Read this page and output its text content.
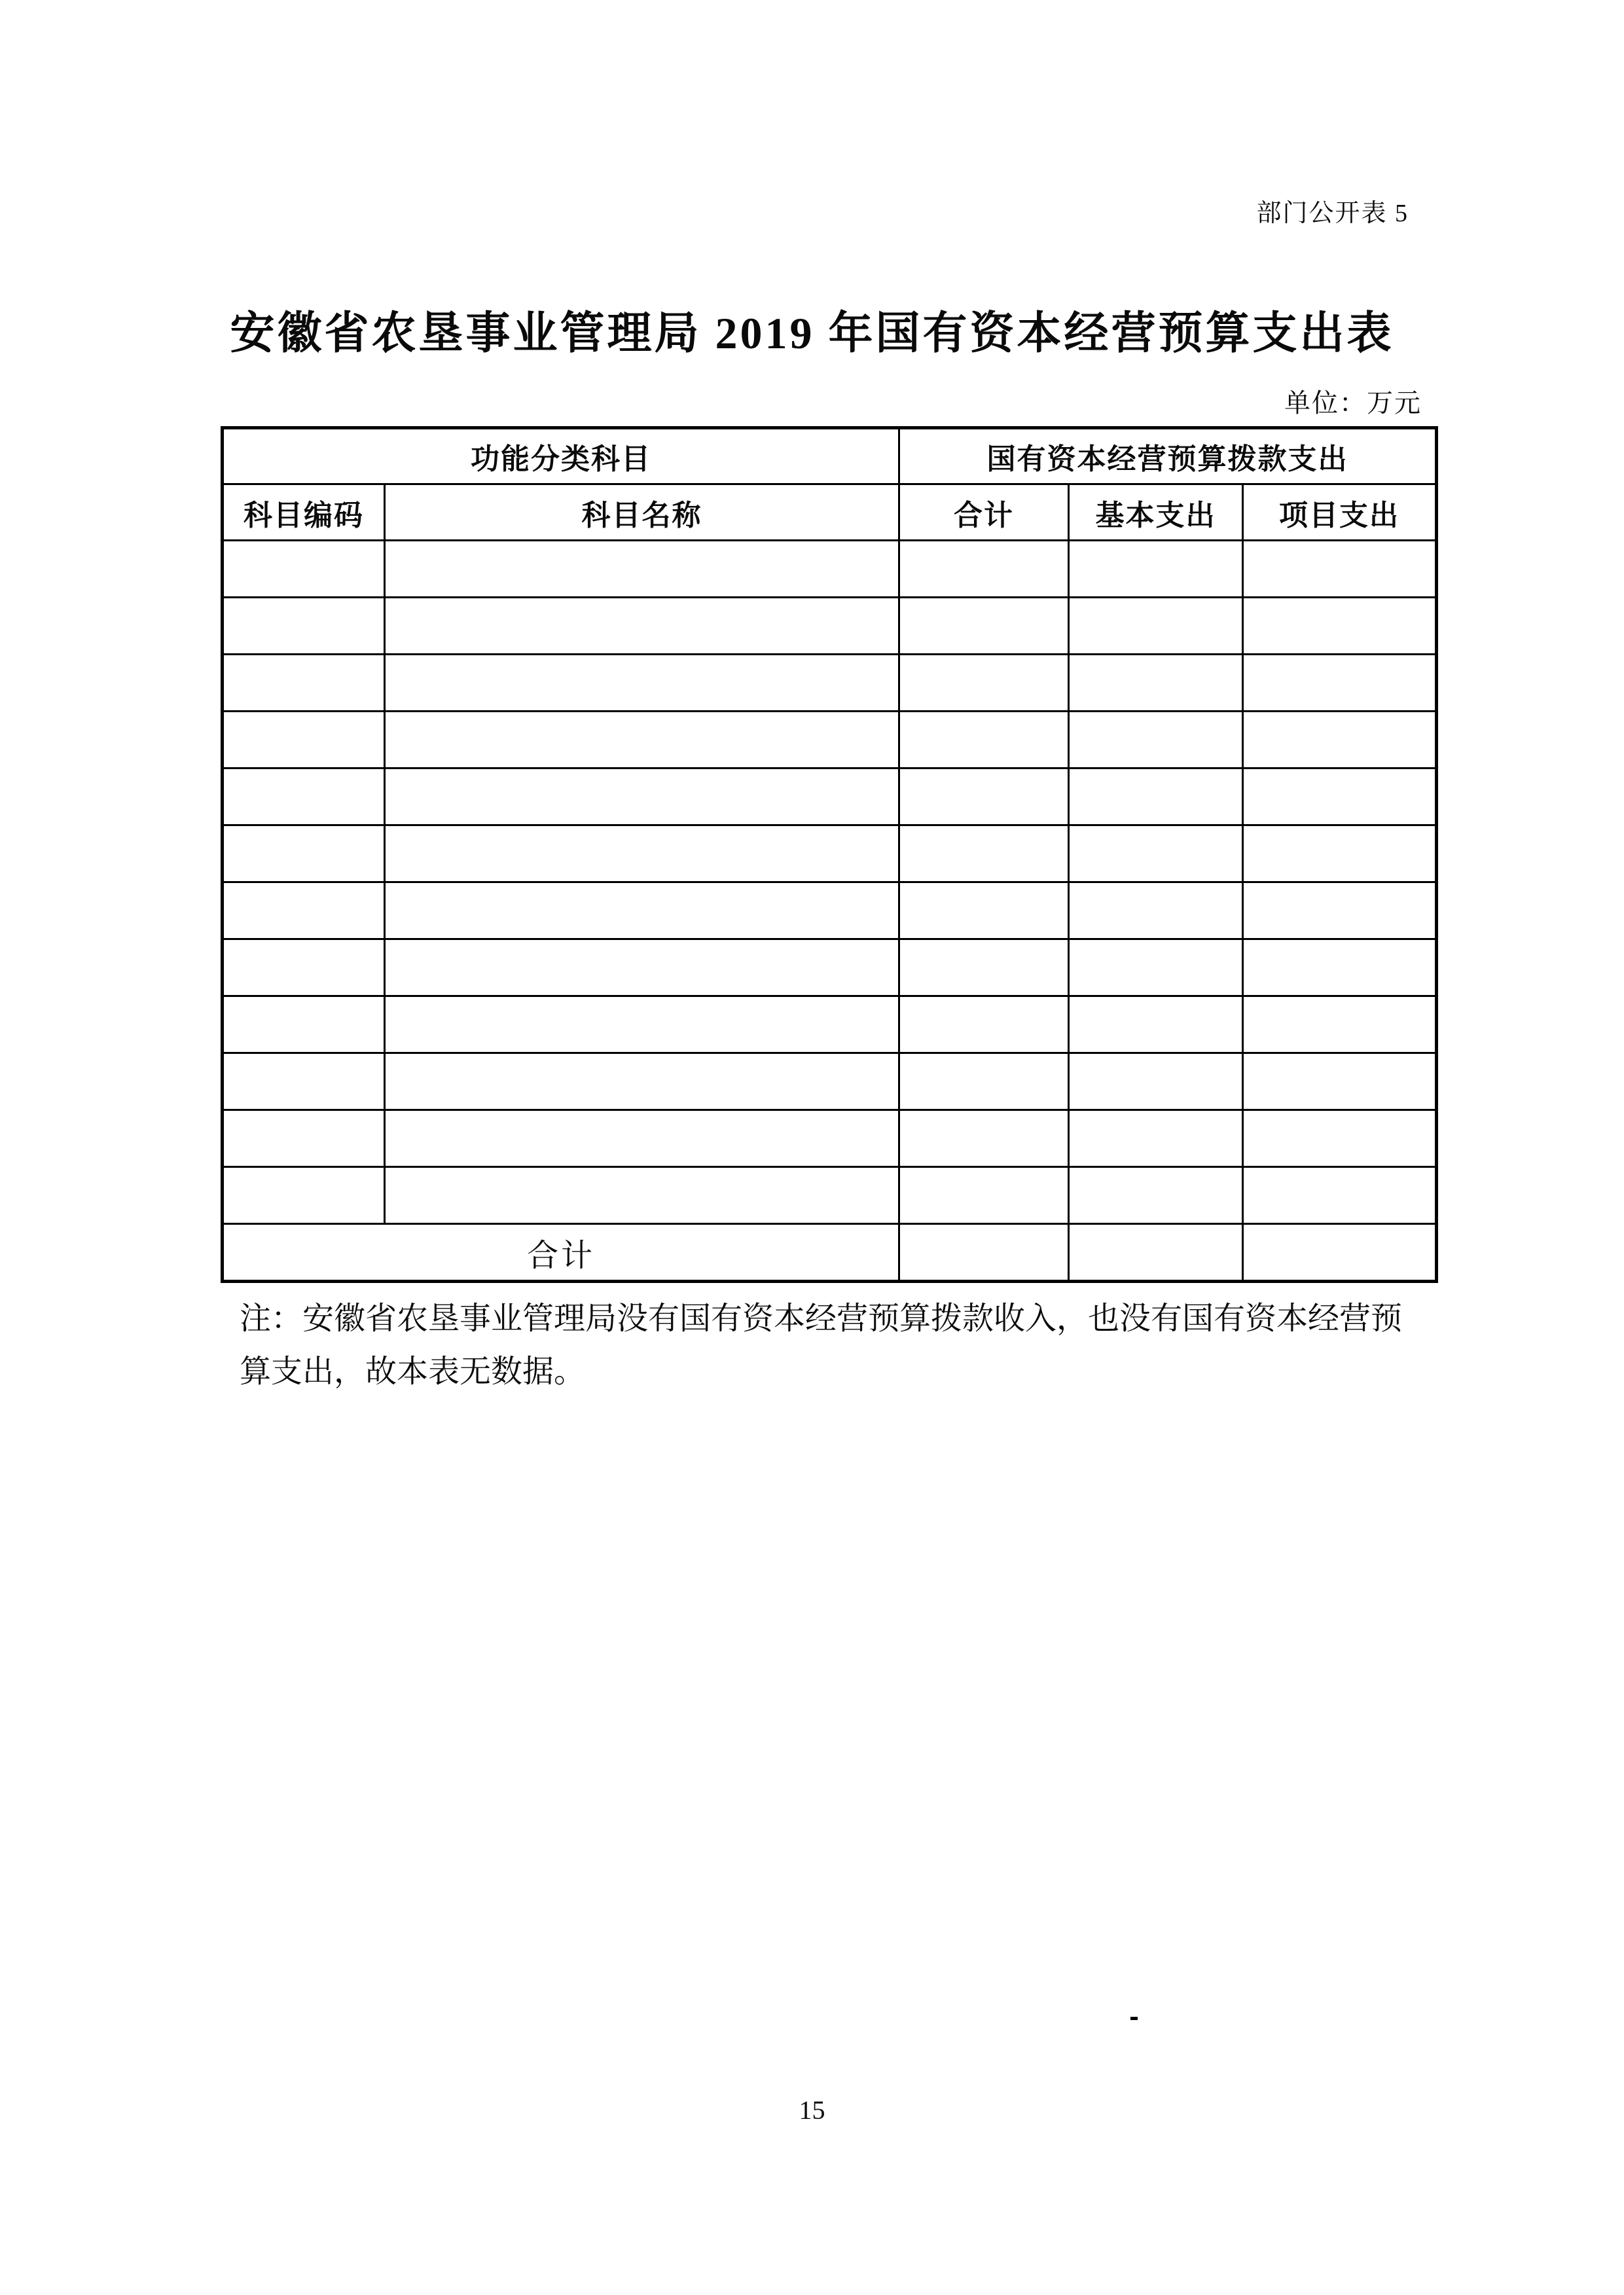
部门公开表 5
安徽省农垦事业管理局 2019 年国有资本经营预算支出表
单位：万元
功能分类科目		国有资本经营预算拨款支出		
科目编码	科目名称	合计	基本支出	项目支出

合计				
注：安徽省农垦事业管理局没有国有资本经营预算拨款收入，也没有国有资本经营预
算支出，故本表无数据。
15
